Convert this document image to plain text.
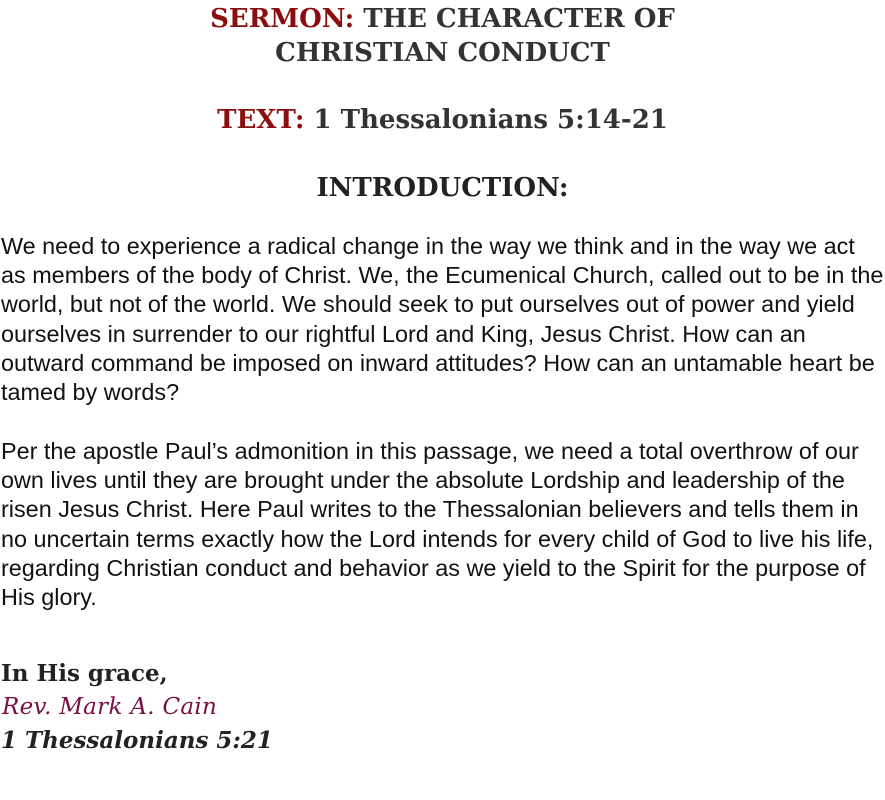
SERMON: THE CHARACTER OF
CHRISTIAN CONDUCT
TEXT: 1 Thessalonians 5:14-21
INTRODUCTION:

We need to experience a radical change in the way we think and in the way we act as members of the body of Christ. We, the Ecumenical Church, called out to be in the world, but not of the world. We should seek to put ourselves out of power and yield ourselves in surrender to our rightful Lord and King, Jesus Christ. How can an outward command be imposed on inward attitudes? How can an untamable heart be tamed by words?

Per the apostle Paul’s admonition in this passage, we need a total overthrow of our own lives until they are brought under the absolute Lordship and leadership of the risen Jesus Christ. Here Paul writes to the Thessalonian believers and tells them in no uncertain terms exactly how the Lord intends for every child of God to live his life, regarding Christian conduct and behavior as we yield to the Spirit for the purpose of His glory.

In His grace,

Rev. Mark A. Cain

1 Thessalonians 5:21
